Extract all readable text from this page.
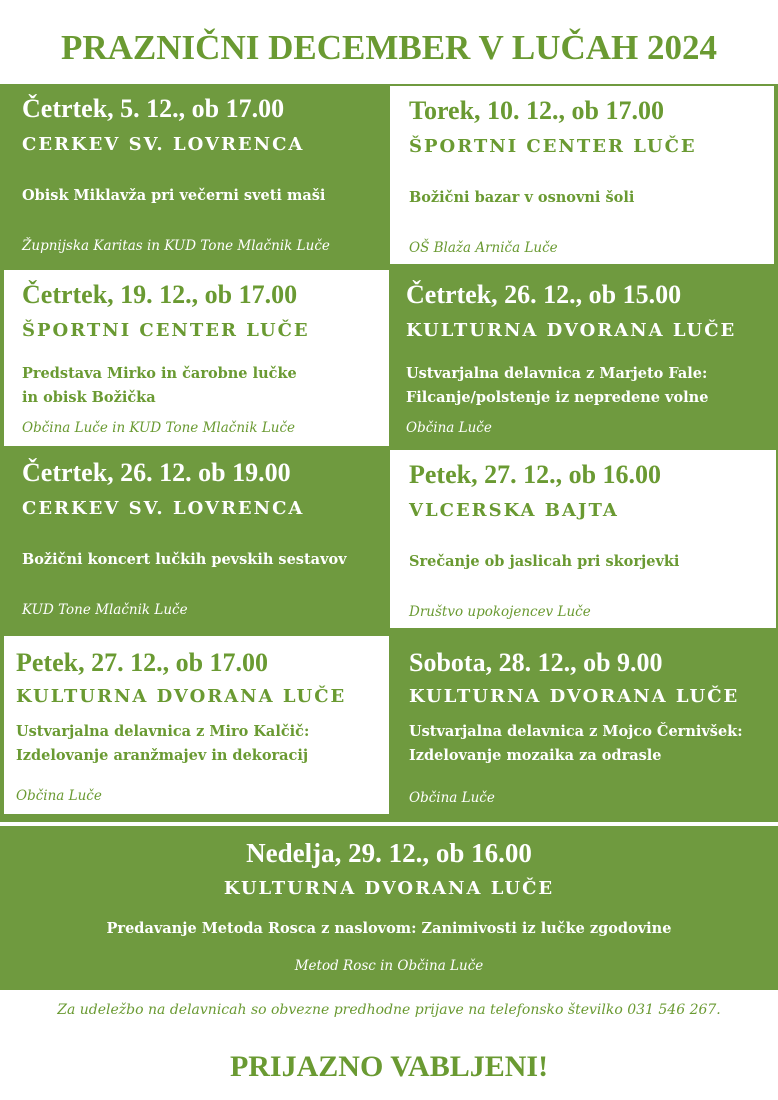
PRAZNIČNI DECEMBER V LUČAH 2024
Četrtek, 5. 12., ob 17.00
CERKEV SV. LOVRENCA
Obisk Miklavža pri večerni sveti maši
Župnijska Karitas in KUD Tone Mlačnik Luče
Torek, 10. 12., ob 17.00
ŠPORTNI CENTER LUČE
Božični bazar v osnovni šoli
OŠ Blaža Arniča Luče
Četrtek, 19. 12., ob 17.00
ŠPORTNI CENTER LUČE
Predstava Mirko in čarobne lučke
in obisk Božička
Občina Luče in KUD Tone Mlačnik Luče
Četrtek, 26. 12., ob 15.00
KULTURNA DVORANA LUČE
Ustvarjalna delavnica z Marjeto Fale:
Filcanje/polstenje iz nepredene volne
Občina Luče
Četrtek, 26. 12. ob 19.00
CERKEV SV. LOVRENCA
Božični koncert lučkih pevskih sestavov
KUD Tone Mlačnik Luče
Petek, 27. 12., ob 16.00
VLCERSKA BAJTA
Srečanje ob jaslicah pri skorjevki
Društvo upokojencev Luče
Petek, 27. 12., ob 17.00
KULTURNA DVORANA LUČE
Ustvarjalna delavnica z Miro Kalčič:
Izdelovanje aranžmajev in dekoracij
Občina Luče
Sobota, 28. 12., ob 9.00
KULTURNA DVORANA LUČE
Ustvarjalna delavnica z Mojco Černivšek:
Izdelovanje mozaika za odrasle
Občina Luče
Nedelja, 29. 12., ob 16.00
KULTURNA DVORANA LUČE
Predavanje Metoda Rosca z naslovom: Zanimivosti iz lučke zgodovine
Metod Rosc in Občina Luče
Za udeležbo na delavnicah so obvezne predhodne prijave na telefonsko številko 031 546 267.
PRIJAZNO VABLJENI!
